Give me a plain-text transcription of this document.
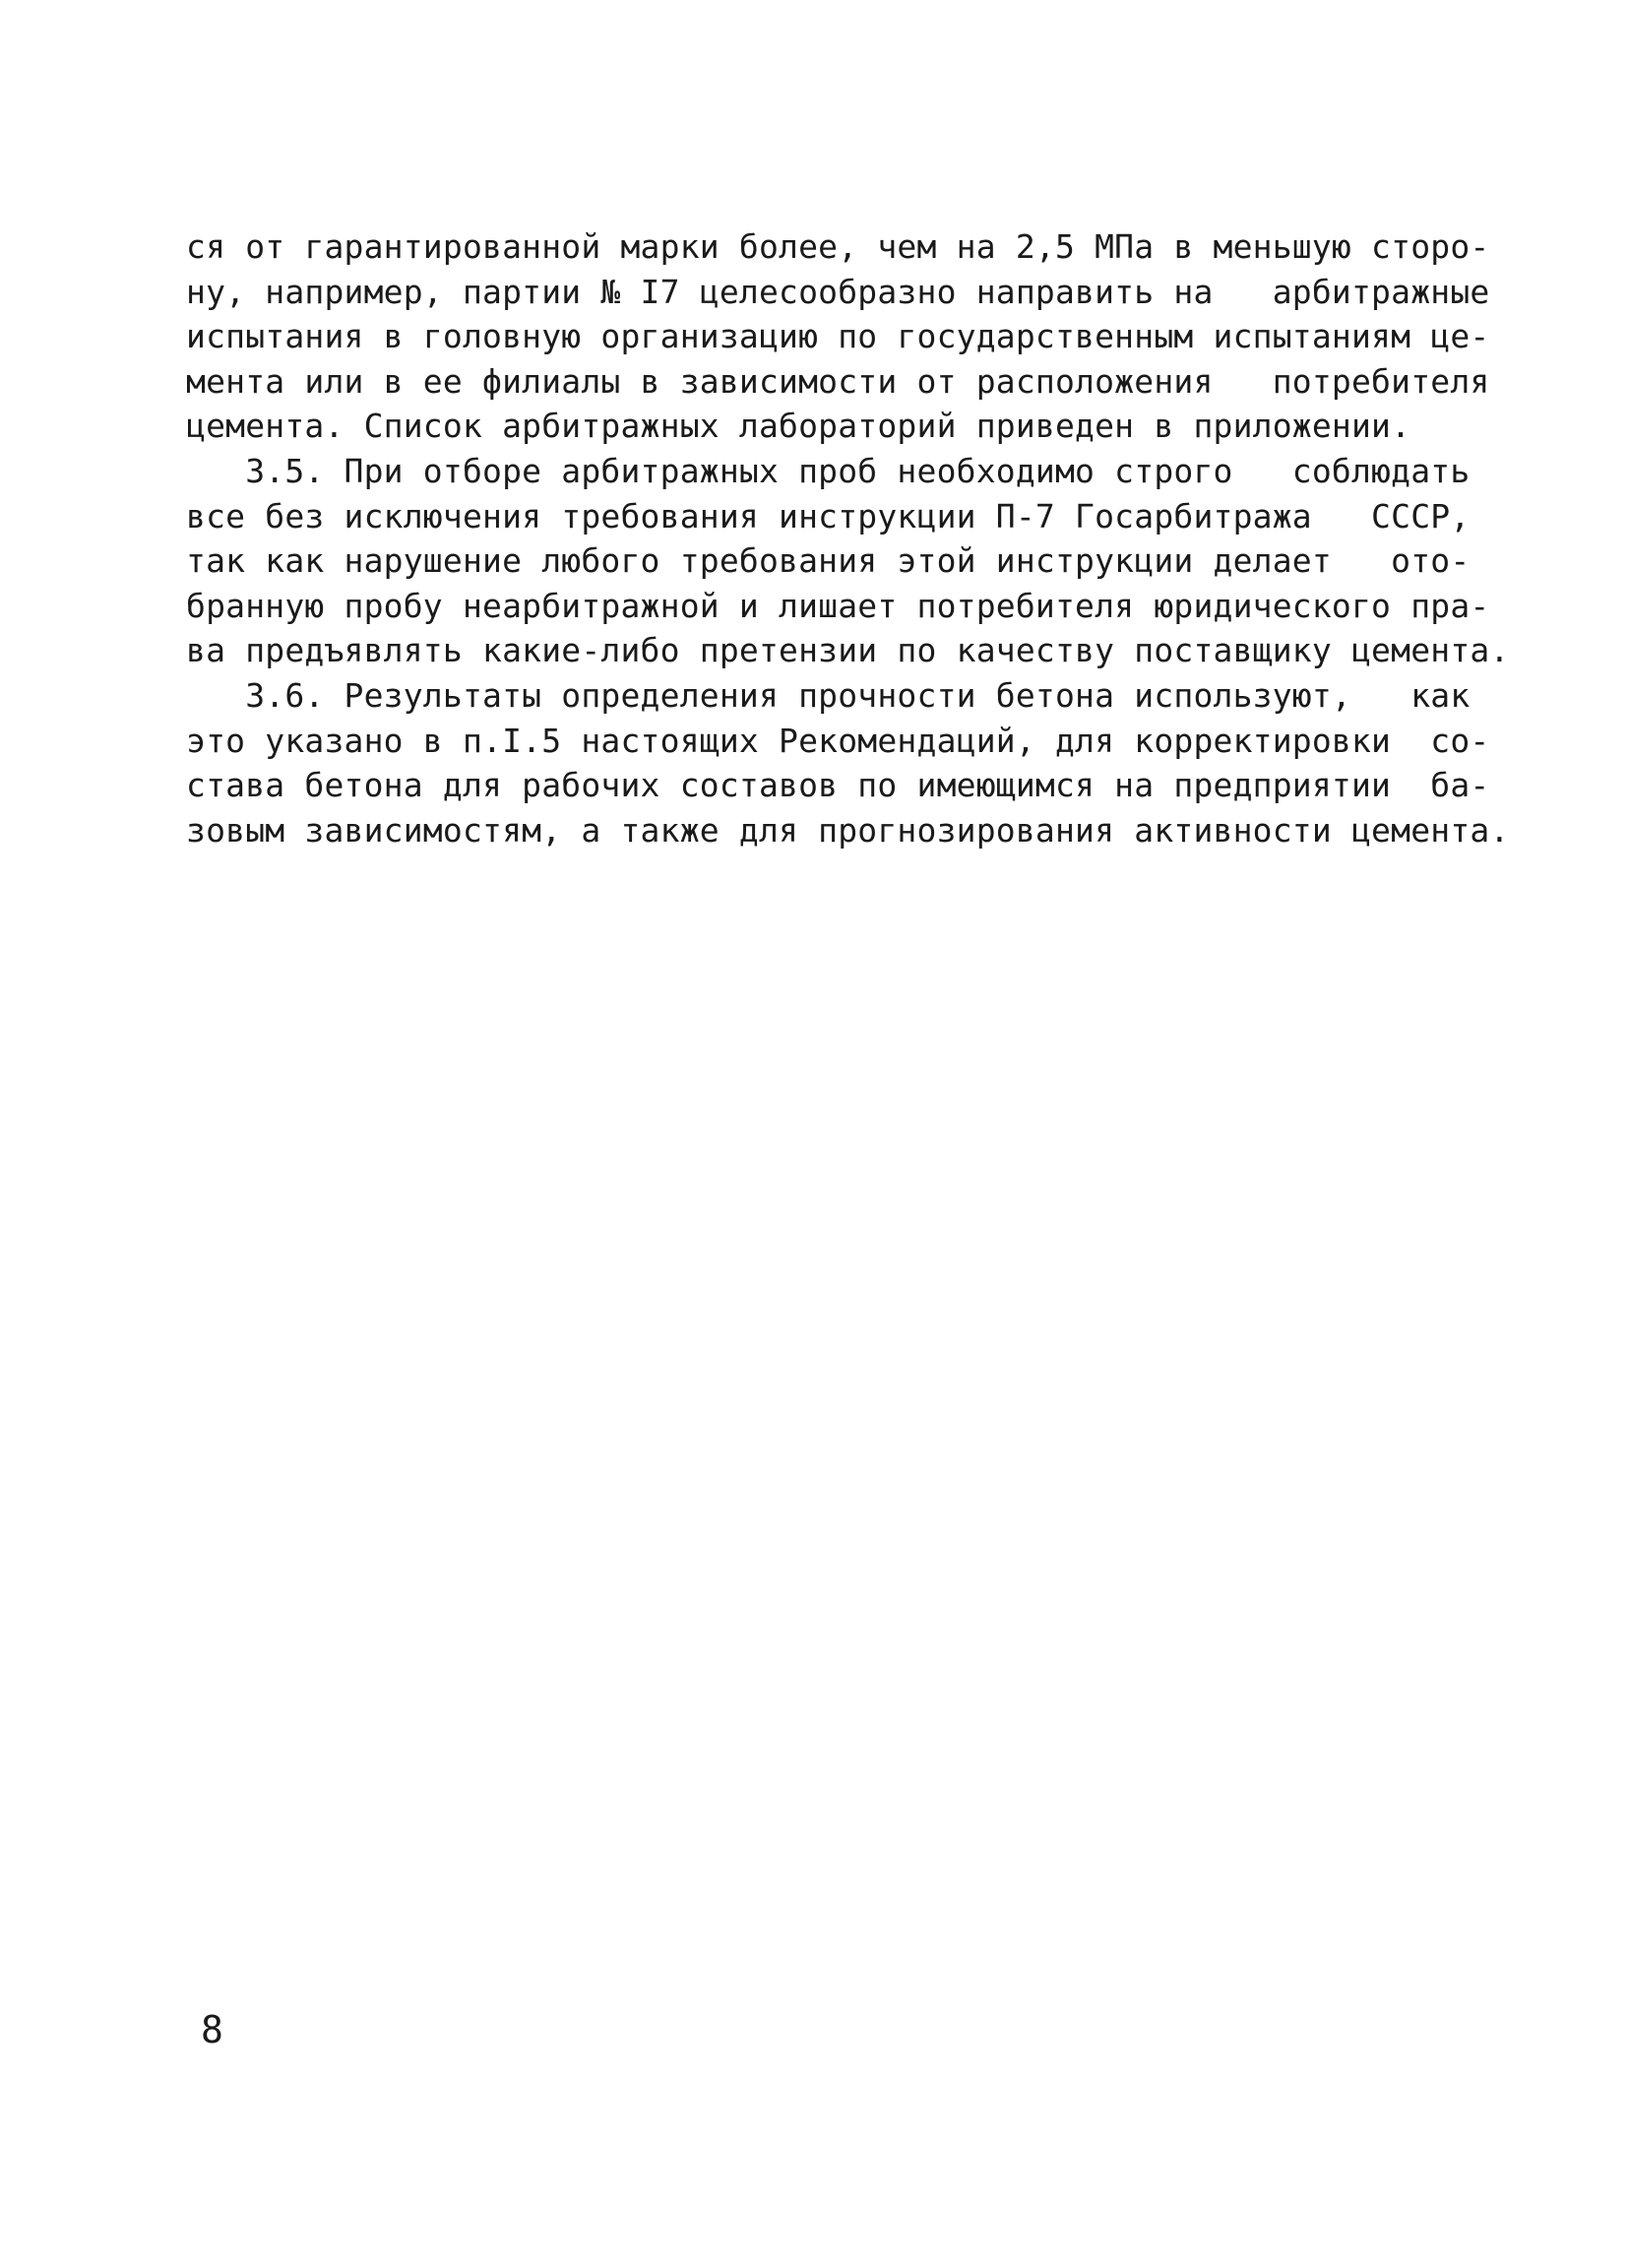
ся от гарантированной марки более, чем на 2,5 МПа в меньшую сторо-
ну, например, партии № I7 целесообразно направить на   арбитражные
испытания в головную организацию по государственным испытаниям це-
мента или в ее филиалы в зависимости от расположения   потребителя
цемента. Список арбитражных лабораторий приведен в приложении.
3.5. При отборе арбитражных проб необходимо строго   соблюдать
все без исключения требования инструкции П-7 Госарбитража   СССР,
так как нарушение любого требования этой инструкции делает   ото-
бранную пробу неарбитражной и лишает потребителя юридического пра-
ва предъявлять какие-либо претензии по качеству поставщику цемента.
3.6. Результаты определения прочности бетона используют,   как
это указано в п.I.5 настоящих Рекомендаций, для корректировки  со-
става бетона для рабочих составов по имеющимся на предприятии  ба-
зовым зависимостям, а также для прогнозирования активности цемента.
8
